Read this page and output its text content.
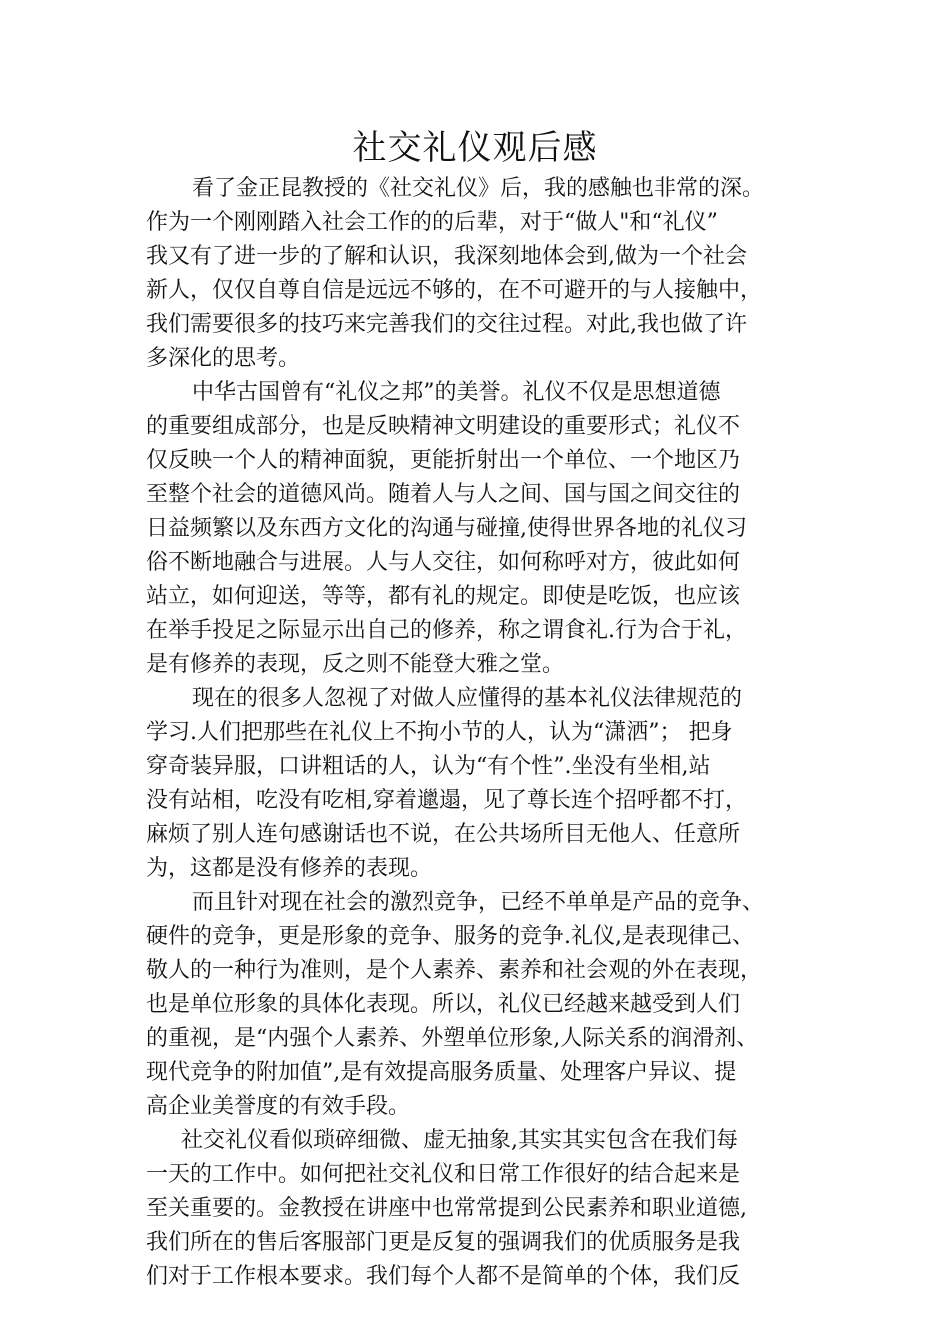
社交礼仪观后感

看了金正昆教授的《社交礼仪》后，我的感触也非常的深。

作为一个刚刚踏入社会工作的的后辈，对于“做人"和“礼仪”

我又有了进一步的了解和认识，我深刻地体会到,做为一个社会

新人，仅仅自尊自信是远远不够的，在不可避开的与人接触中，

我们需要很多的技巧来完善我们的交往过程。对此,我也做了许

多深化的思考。

中华古国曾有“礼仪之邦”的美誉。礼仪不仅是思想道德

的重要组成部分，也是反映精神文明建设的重要形式；礼仪不

仅反映一个人的精神面貌，更能折射出一个单位、一个地区乃

至整个社会的道德风尚。随着人与人之间、国与国之间交往的

日益频繁以及东西方文化的沟通与碰撞,使得世界各地的礼仪习

俗不断地融合与进展。人与人交往，如何称呼对方，彼此如何

站立，如何迎送，等等，都有礼的规定。即使是吃饭，也应该

在举手投足之际显示出自己的修养，称之谓食礼.行为合于礼，

是有修养的表现，反之则不能登大雅之堂。

现在的很多人忽视了对做人应懂得的基本礼仪法律规范的

学习.人们把那些在礼仪上不拘小节的人，认为“潇洒”； 把身

穿奇装异服，口讲粗话的人，认为“有个性”.坐没有坐相,站

没有站相，吃没有吃相,穿着邋遢，见了尊长连个招呼都不打，

麻烦了别人连句感谢话也不说，在公共场所目无他人、任意所

为，这都是没有修养的表现。

而且针对现在社会的激烈竞争，已经不单单是产品的竞争、

硬件的竞争，更是形象的竞争、服务的竞争.礼仪,是表现律己、

敬人的一种行为准则，是个人素养、素养和社会观的外在表现，

也是单位形象的具体化表现。所以，礼仪已经越来越受到人们

的重视，是“内强个人素养、外塑单位形象,人际关系的润滑剂、

现代竞争的附加值”,是有效提高服务质量、处理客户异议、提

高企业美誉度的有效手段。

社交礼仪看似琐碎细微、虚无抽象,其实其实包含在我们每

一天的工作中。如何把社交礼仪和日常工作很好的结合起来是

至关重要的。金教授在讲座中也常常提到公民素养和职业道德,

我们所在的售后客服部门更是反复的强调我们的优质服务是我

们对于工作根本要求。我们每个人都不是简单的个体，我们反
